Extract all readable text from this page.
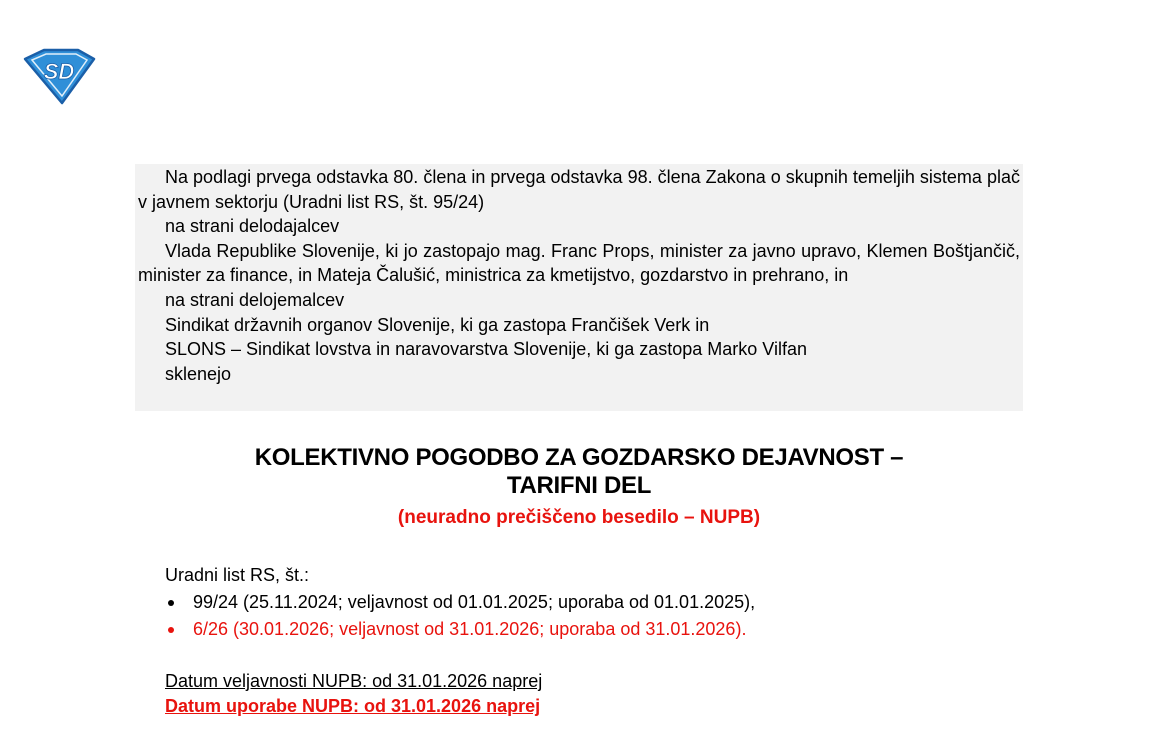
SD

Na podlagi prvega odstavka 80. člena in prvega odstavka 98. člena Zakona o skupnih temeljih sistema plač v javnem sektorju (Uradni list RS, št. 95/24)

na strani delodajalcev

Vlada Republike Slovenije, ki jo zastopajo mag. Franc Props, minister za javno upravo, Klemen Boštjančič, minister za finance, in Mateja Čalušić, ministrica za kmetijstvo, gozdarstvo in prehrano, in

na strani delojemalcev

Sindikat državnih organov Slovenije, ki ga zastopa Frančišek Verk in

SLONS – Sindikat lovstva in naravovarstva Slovenije, ki ga zastopa Marko Vilfan

sklenejo

KOLEKTIVNO POGODBO ZA GOZDARSKO DEJAVNOST –
TARIFNI DEL

(neuradno prečiščeno besedilo – NUPB)

Uradni list RS, št.:

99/24 (25.11.2024; veljavnost od 01.01.2025; uporaba od 01.01.2025),
6/26 (30.01.2026; veljavnost od 31.01.2026; uporaba od 31.01.2026).

Datum veljavnosti NUPB: od 31.01.2026 naprej

Datum uporabe NUPB: od 31.01.2026 naprej
